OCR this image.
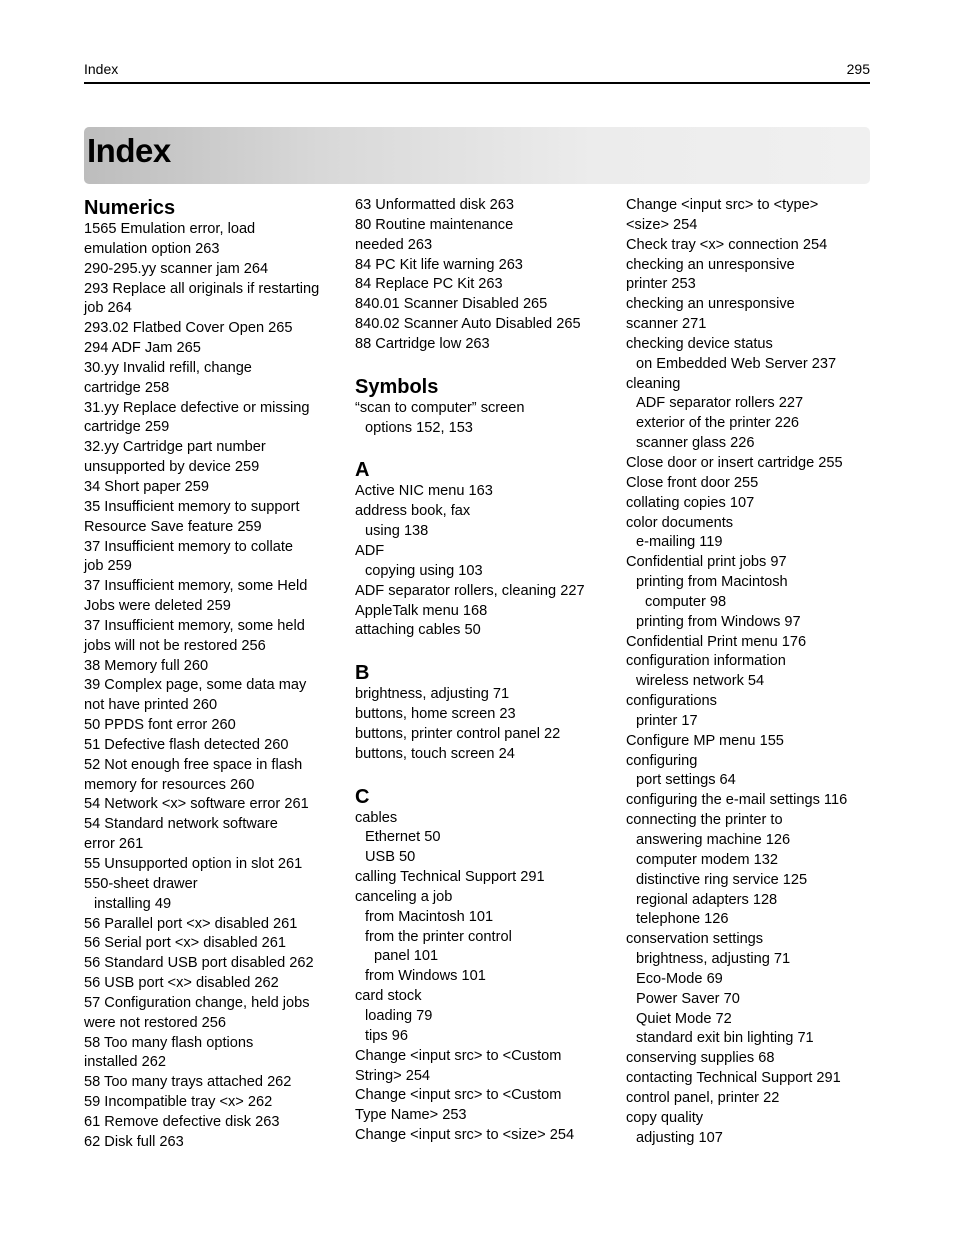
Index	295
Index
Numerics
1565 Emulation error, load
emulation option 263
290-295.yy scanner jam 264
293 Replace all originals if restarting
job 264
293.02 Flatbed Cover Open 265
294 ADF Jam 265
30.yy Invalid refill, change
cartridge 258
31.yy Replace defective or missing
cartridge 259
32.yy Cartridge part number
unsupported by device 259
34 Short paper 259
35 Insufficient memory to support
Resource Save feature 259
37 Insufficient memory to collate
job 259
37 Insufficient memory, some Held
Jobs were deleted 259
37 Insufficient memory, some held
jobs will not be restored 256
38 Memory full 260
39 Complex page, some data may
not have printed 260
50 PPDS font error 260
51 Defective flash detected 260
52 Not enough free space in flash
memory for resources 260
54 Network <x> software error 261
54 Standard network software
error 261
55 Unsupported option in slot 261
550-sheet drawer
installing 49
56 Parallel port <x> disabled 261
56 Serial port <x> disabled 261
56 Standard USB port disabled 262
56 USB port <x> disabled 262
57 Configuration change, held jobs
were not restored 256
58 Too many flash options
installed 262
58 Too many trays attached 262
59 Incompatible tray <x> 262
61 Remove defective disk 263
62 Disk full 263
63 Unformatted disk 263
80 Routine maintenance
needed 263
84 PC Kit life warning 263
84 Replace PC Kit 263
840.01 Scanner Disabled 265
840.02 Scanner Auto Disabled 265
88 Cartridge low 263
Symbols
“scan to computer” screen
options 152, 153
A
Active NIC menu 163
address book, fax
using 138
ADF
copying using 103
ADF separator rollers, cleaning 227
AppleTalk menu 168
attaching cables 50
B
brightness, adjusting 71
buttons, home screen 23
buttons, printer control panel 22
buttons, touch screen 24
C
cables
Ethernet 50
USB 50
calling Technical Support 291
canceling a job
from Macintosh 101
from the printer control
panel 101
from Windows 101
card stock
loading 79
tips 96
Change <input src> to <Custom
String> 254
Change <input src> to <Custom
Type Name> 253
Change <input src> to <size> 254
Change <input src> to <type>
<size> 254
Check tray <x> connection 254
checking an unresponsive
printer 253
checking an unresponsive
scanner 271
checking device status
on Embedded Web Server 237
cleaning
ADF separator rollers 227
exterior of the printer 226
scanner glass 226
Close door or insert cartridge 255
Close front door 255
collating copies 107
color documents
e-mailing 119
Confidential print jobs 97
printing from Macintosh
computer 98
printing from Windows 97
Confidential Print menu 176
configuration information
wireless network 54
configurations
printer 17
Configure MP menu 155
configuring
port settings 64
configuring the e-mail settings 116
connecting the printer to
answering machine 126
computer modem 132
distinctive ring service 125
regional adapters 128
telephone 126
conservation settings
brightness, adjusting 71
Eco-Mode 69
Power Saver 70
Quiet Mode 72
standard exit bin lighting 71
conserving supplies 68
contacting Technical Support 291
control panel, printer 22
copy quality
adjusting 107
